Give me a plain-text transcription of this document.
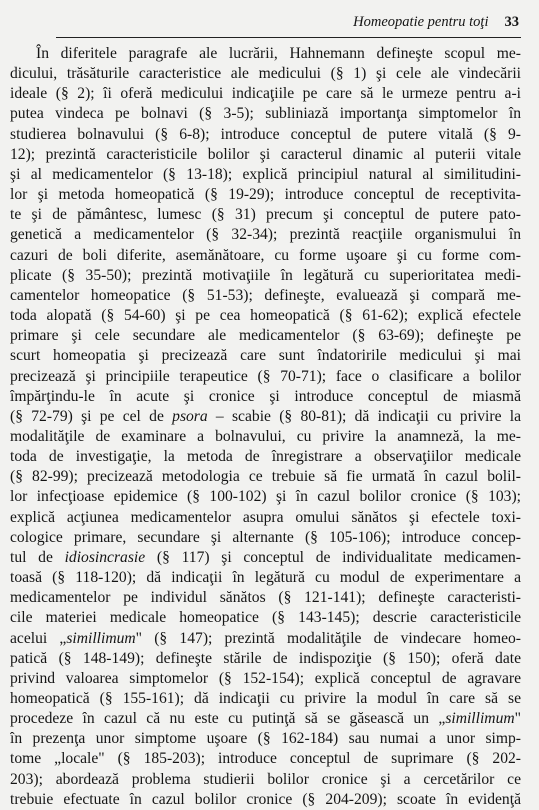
Homeopatie pentru toţi 33
În diferitele paragrafe ale lucrării, Hahnemann defineşte scopul me-
dicului, trăsăturile caracteristice ale medicului (§ 1) şi cele ale vindecării
ideale (§ 2); îi oferă medicului indicaţiile pe care să le urmeze pentru a-i
putea vindeca pe bolnavi (§ 3-5); subliniază importanţa simptomelor în
studierea bolnavului (§ 6-8); introduce conceptul de putere vitală (§ 9-
12); prezintă caracteristicile bolilor şi caracterul dinamic al puterii vitale
şi al medicamentelor (§ 13-18); explică principiul natural al similitudini-
lor şi metoda homeopatică (§ 19-29); introduce conceptul de receptivita-
te şi de pământesc, lumesc (§ 31) precum şi conceptul de putere pato-
genetică a medicamentelor (§ 32-34); prezintă reacţiile organismului în
cazuri de boli diferite, asemănătoare, cu forme uşoare şi cu forme com-
plicate (§ 35-50); prezintă motivaţiile în legătură cu superioritatea medi-
camentelor homeopatice (§ 51-53); defineşte, evaluează şi compară me-
toda alopată (§ 54-60) şi pe cea homeopatică (§ 61-62); explică efectele
primare şi cele secundare ale medicamentelor (§ 63-69); defineşte pe
scurt homeopatia şi precizează care sunt îndatoririle medicului şi mai
precizează şi principiile terapeutice (§ 70-71); face o clasificare a bolilor
împărţindu-le în acute şi cronice şi introduce conceptul de miasmă
(§ 72-79) şi pe cel de psora – scabie (§ 80-81); dă indicaţii cu privire la
modalităţile de examinare a bolnavului, cu privire la anamneză, la me-
toda de investigaţie, la metoda de înregistrare a observaţiilor medicale
(§ 82-99); precizează metodologia ce trebuie să fie urmată în cazul bolil-
lor infecţioase epidemice (§ 100-102) şi în cazul bolilor cronice (§ 103);
explică acţiunea medicamentelor asupra omului sănătos şi efectele toxi-
cologice primare, secundare şi alternante (§ 105-106); introduce concep-
tul de idiosincrasie (§ 117) şi conceptul de individualitate medicamen-
toasă (§ 118-120); dă indicaţii în legătură cu modul de experimentare a
medicamentelor pe individul sănătos (§ 121-141); defineşte caracteristi-
cile materiei medicale homeopatice (§ 143-145); descrie caracteristicile
acelui „simillimum" (§ 147); prezintă modalităţile de vindecare homeo-
patică (§ 148-149); defineşte stările de indispoziţie (§ 150); oferă date
privind valoarea simptomelor (§ 152-154); explică conceptul de agravare
homeopatică (§ 155-161); dă indicaţii cu privire la modul în care să se
procedeze în cazul că nu este cu putinţă să se găsească un „simillimum"
în prezenţa unor simptome uşoare (§ 162-184) sau numai a unor simp-
tome „locale" (§ 185-203); introduce conceptul de suprimare (§ 202-
203); abordează problema studierii bolilor cronice şi a cercetărilor ce
trebuie efectuate în cazul bolilor cronice (§ 204-209); scoate în evidenţă
